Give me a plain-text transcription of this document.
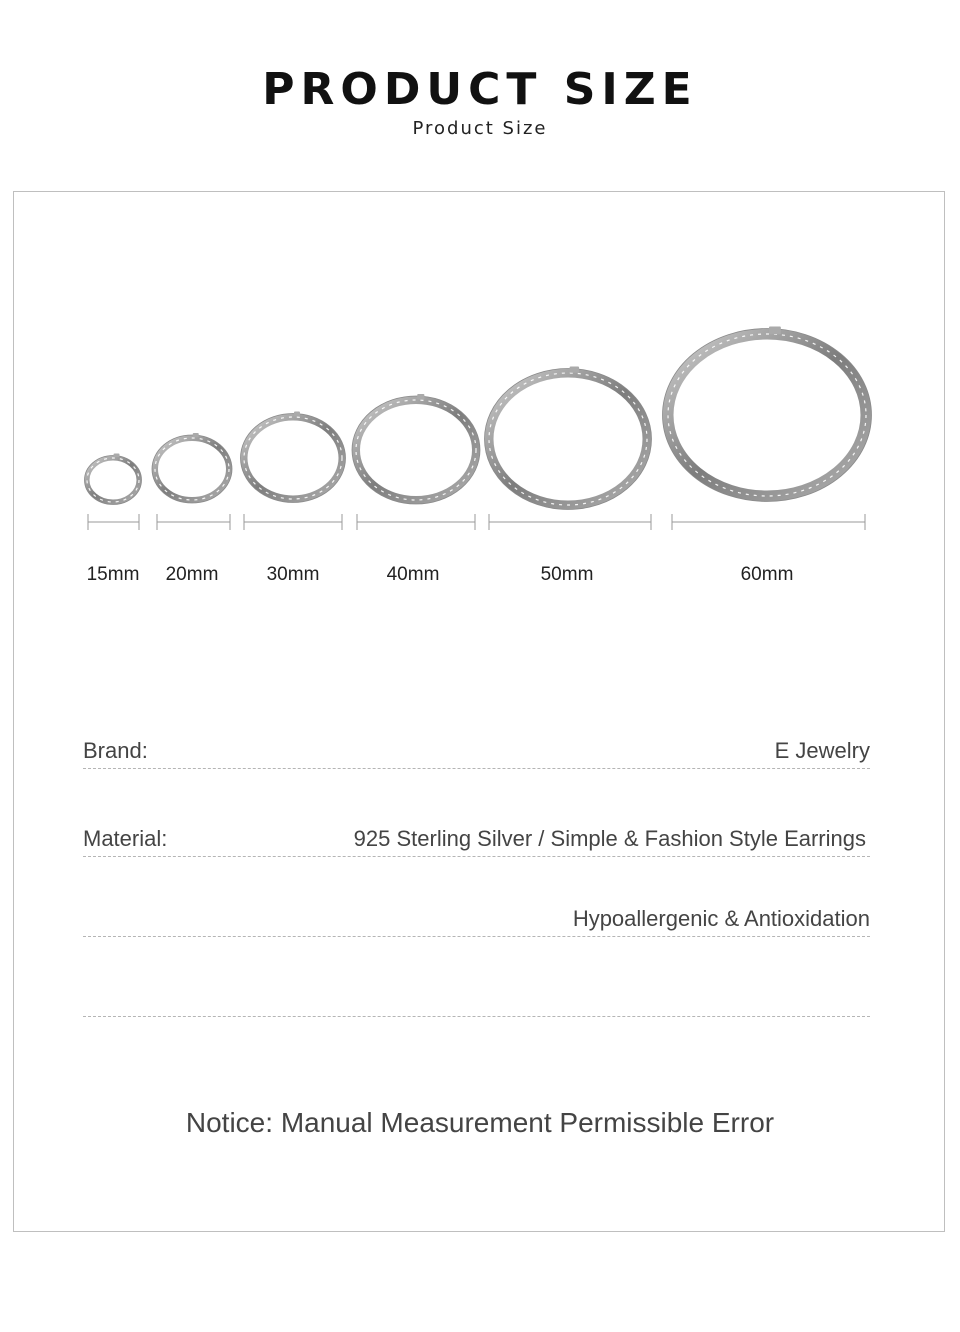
PRODUCT SIZE
Product Size
15mm 20mm	30mm	40mm	50mm	60mm
Brand:	E Jewelry
Material:	925 Sterling Silver / Simple & Fashion Style Earrings
Hypoallergenic & Antioxidation
Notice: Manual Measurement Permissible Error
